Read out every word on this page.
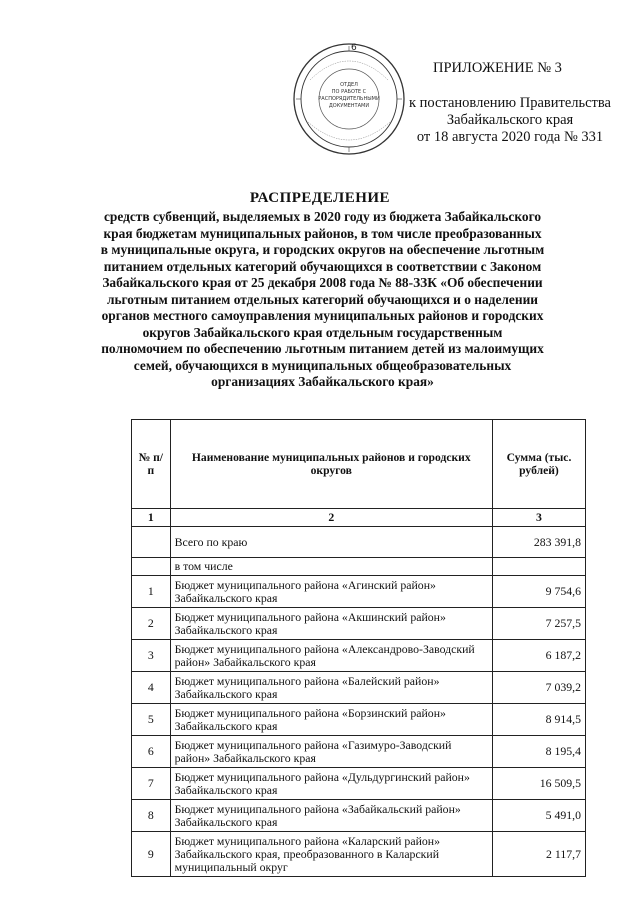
ОТДЕЛ
ПО РАБОТЕ С
РАСПОРЯДИТЕЛЬНЫМИ
ДОКУМЕНТАМИ
6
ПРИЛОЖЕНИЕ № 3
к постановлению Правительства
Забайкальского края
от 18 августа 2020 года № 331
РАСПРЕДЕЛЕНИЕ
средств субвенций, выделяемых в 2020 году из бюджета Забайкальского
края бюджетам муниципальных районов, в том числе преобразованных
в муниципальные округа, и городских округов на обеспечение льготным
питанием отдельных категорий обучающихся в соответствии с Законом
Забайкальского края от 25 декабря 2008 года № 88-ЗЗК «Об обеспечении
льготным питанием отдельных категорий обучающихся и о наделении
органов местного самоуправления муниципальных районов и городских
округов Забайкальского края отдельным государственным
полномочием по обеспечению льготным питанием детей из малоимущих
семей, обучающихся в муниципальных общеобразовательных
организациях Забайкальского края»
№ п/п	Наименование муниципальных районов и городских округов	Сумма (тыс. рублей)
1	2	3
	Всего по краю	283 391,8
	в том числе	
1	Бюджет муниципального района «Агинский район» Забайкальского края	9 754,6
2	Бюджет муниципального района «Акшинский район» Забайкальского края	7 257,5
3	Бюджет муниципального района «Александрово-Заводский район» Забайкальского края	6 187,2
4	Бюджет муниципального района «Балейский район» Забайкальского края	7 039,2
5	Бюджет муниципального района «Борзинский район» Забайкальского края	8 914,5
6	Бюджет муниципального района «Газимуро-Заводский район» Забайкальского края	8 195,4
7	Бюджет муниципального района «Дульдургинский район» Забайкальского края	16 509,5
8	Бюджет муниципального района «Забайкальский район» Забайкальского края	5 491,0
9	Бюджет муниципального района «Каларский район» Забайкальского края, преобразованного в Каларский муниципальный округ	2 117,7
